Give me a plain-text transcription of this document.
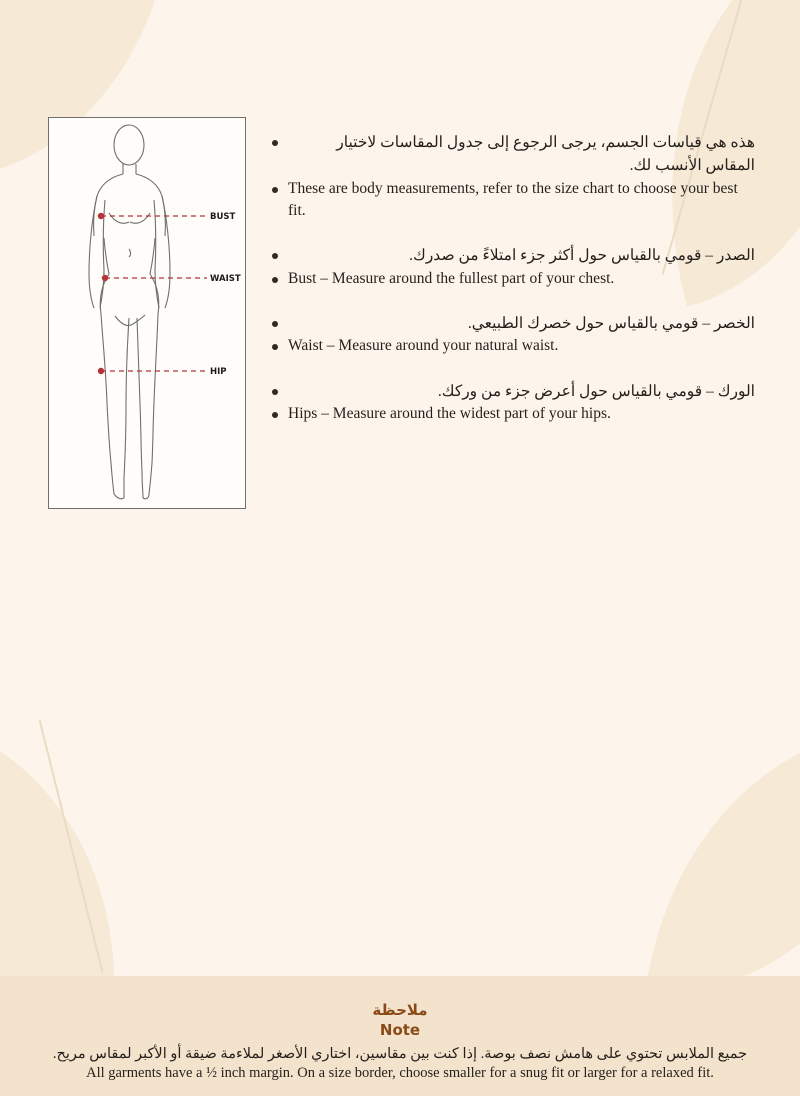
BUST
WAIST
HIP
هذه هي قياسات الجسم، يرجى الرجوع إلى جدول المقاسات لاختيار المقاس الأنسب لك.
These are body measurements, refer to the size chart to choose your best fit.
الصدر – قومي بالقياس حول أكثر جزء امتلاءً من صدرك.
Bust – Measure around the fullest part of your chest.
الخصر – قومي بالقياس حول خصرك الطبيعي.
Waist – Measure around your natural waist.
الورك – قومي بالقياس حول أعرض جزء من وركك.
Hips – Measure around the widest part of your hips.

ملاحظة
Note
جميع الملابس تحتوي على هامش نصف بوصة. إذا كنت بين مقاسين، اختاري الأصغر لملاءمة ضيقة أو الأكبر لمقاس مريح.
All garments have a ½ inch margin. On a size border, choose smaller for a snug fit or larger for a relaxed fit.
